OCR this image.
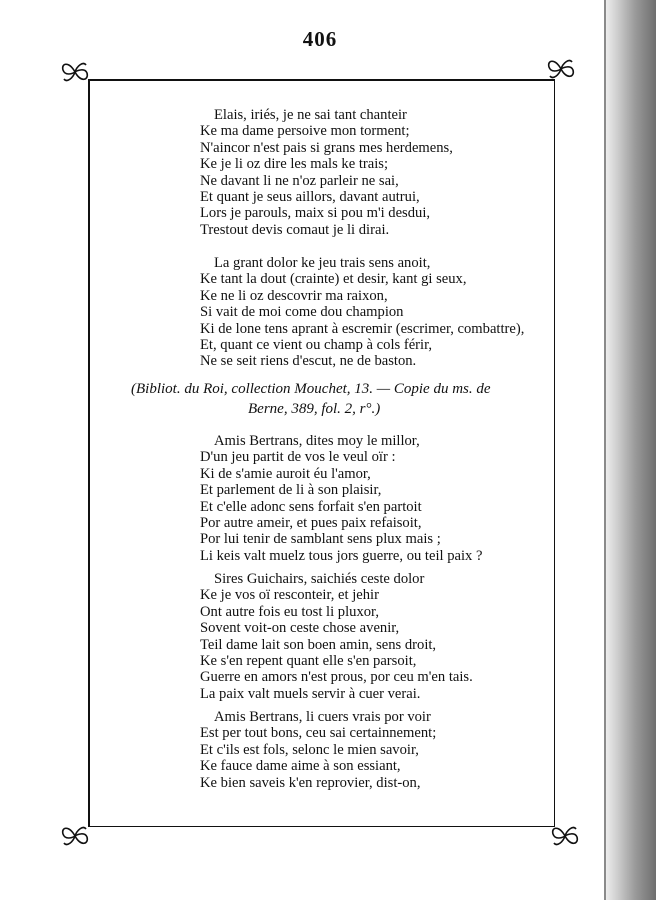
406
Elais, iriés, je ne sai tant chanteir
Ke ma dame persoive mon torment;
N'aincor n'est pais si grans mes herdemens,
Ke je li oz dire les mals ke trais;
Ne davant li ne n'oz parleir ne sai,
Et quant je seus aillors, davant autrui,
Lors je parouls, maix si pou m'i desdui,
Trestout devis comaut je li dirai.
La grant dolor ke jeu trais sens anoit,
Ke tant la dout (crainte) et desir, kant gi seux,
Ke ne li oz descovrir ma raixon,
Si vait de moi come dou champion
Ki de lone tens aprant à escremir (escrimer, combattre),
Et, quant ce vient ou champ à cols férir,
Ne se seit riens d'escut, ne de baston.
(Bibliot. du Roi, collection Mouchet, 13. — Copie du ms. de
Berne, 389, fol. 2, r°.)
Amis Bertrans, dites moy le millor,
D'un jeu partit de vos le veul oïr :
Ki de s'amie auroit éu l'amor,
Et parlement de li à son plaisir,
Et c'elle adonc sens forfait s'en partoit
Por autre ameir, et pues paix refaisoit,
Por lui tenir de samblant sens plux mais ;
Li keis valt muelz tous jors guerre, ou teil paix ?
Sires Guichairs, saichiés ceste dolor
Ke je vos oï resconteir, et jehir
Ont autre fois eu tost li pluxor,
Sovent voit-on ceste chose avenir,
Teil dame lait son boen amin, sens droit,
Ke s'en repent quant elle s'en parsoit,
Guerre en amors n'est prous, por ceu m'en tais.
La paix valt muels servir à cuer verai.
Amis Bertrans, li cuers vrais por voir
Est per tout bons, ceu sai certainnement;
Et c'ils est fols, selonc le mien savoir,
Ke fauce dame aime à son essiant,
Ke bien saveis k'en reprovier, dist-on,
